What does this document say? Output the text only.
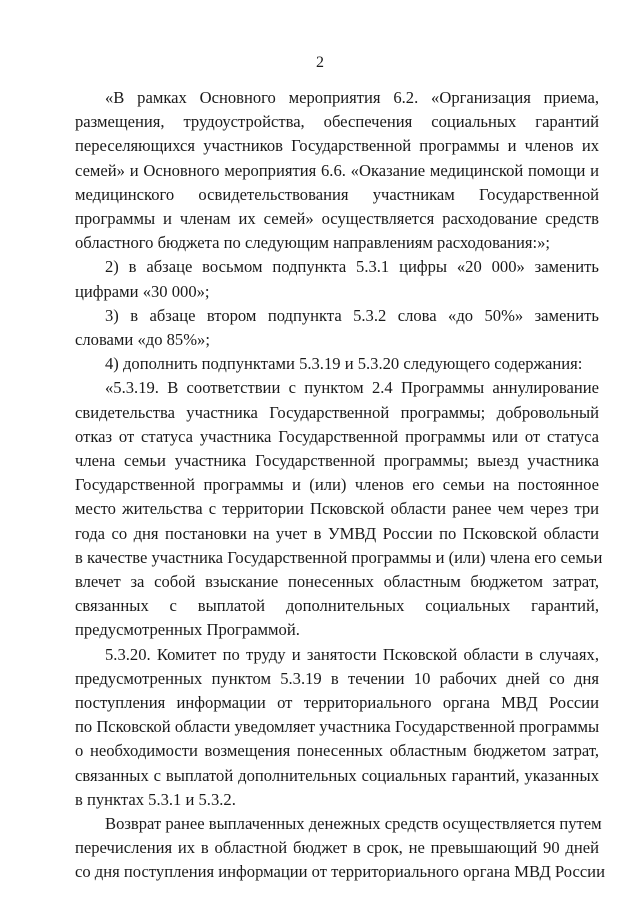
2
«В рамках Основного мероприятия 6.2. «Организация приема,
размещения, трудоустройства, обеспечения социальных гарантий
переселяющихся участников Государственной программы и членов их
семей» и Основного мероприятия 6.6. «Оказание медицинской помощи и
медицинского освидетельствования участникам Государственной
программы и членам их семей» осуществляется расходование средств
областного бюджета по следующим направлениям расходования:»;
2) в абзаце восьмом подпункта 5.3.1 цифры «20 000» заменить
цифрами «30 000»;
3) в абзаце втором подпункта 5.3.2 слова «до 50%» заменить
словами «до 85%»;
4) дополнить подпунктами 5.3.19 и 5.3.20 следующего содержания:
«5.3.19. В соответствии с пунктом 2.4 Программы аннулирование
свидетельства участника Государственной программы; добровольный
отказ от статуса участника Государственной программы или от статуса
члена семьи участника Государственной программы; выезд участника
Государственной программы и (или) членов его семьи на постоянное
место жительства с территории Псковской области ранее чем через три
года со дня постановки на учет в УМВД России по Псковской области
в качестве участника Государственной программы и (или) члена его семьи
влечет за собой взыскание понесенных областным бюджетом затрат,
связанных с выплатой дополнительных социальных гарантий,
предусмотренных Программой.
5.3.20. Комитет по труду и занятости Псковской области в случаях,
предусмотренных пунктом 5.3.19 в течении 10 рабочих дней со дня
поступления информации от территориального органа МВД России
по Псковской области уведомляет участника Государственной программы
о необходимости возмещения понесенных областным бюджетом затрат,
связанных с выплатой дополнительных социальных гарантий, указанных
в пунктах 5.3.1 и 5.3.2.
Возврат ранее выплаченных денежных средств осуществляется путем
перечисления их в областной бюджет в срок, не превышающий 90 дней
со дня поступления информации от территориального органа МВД России
